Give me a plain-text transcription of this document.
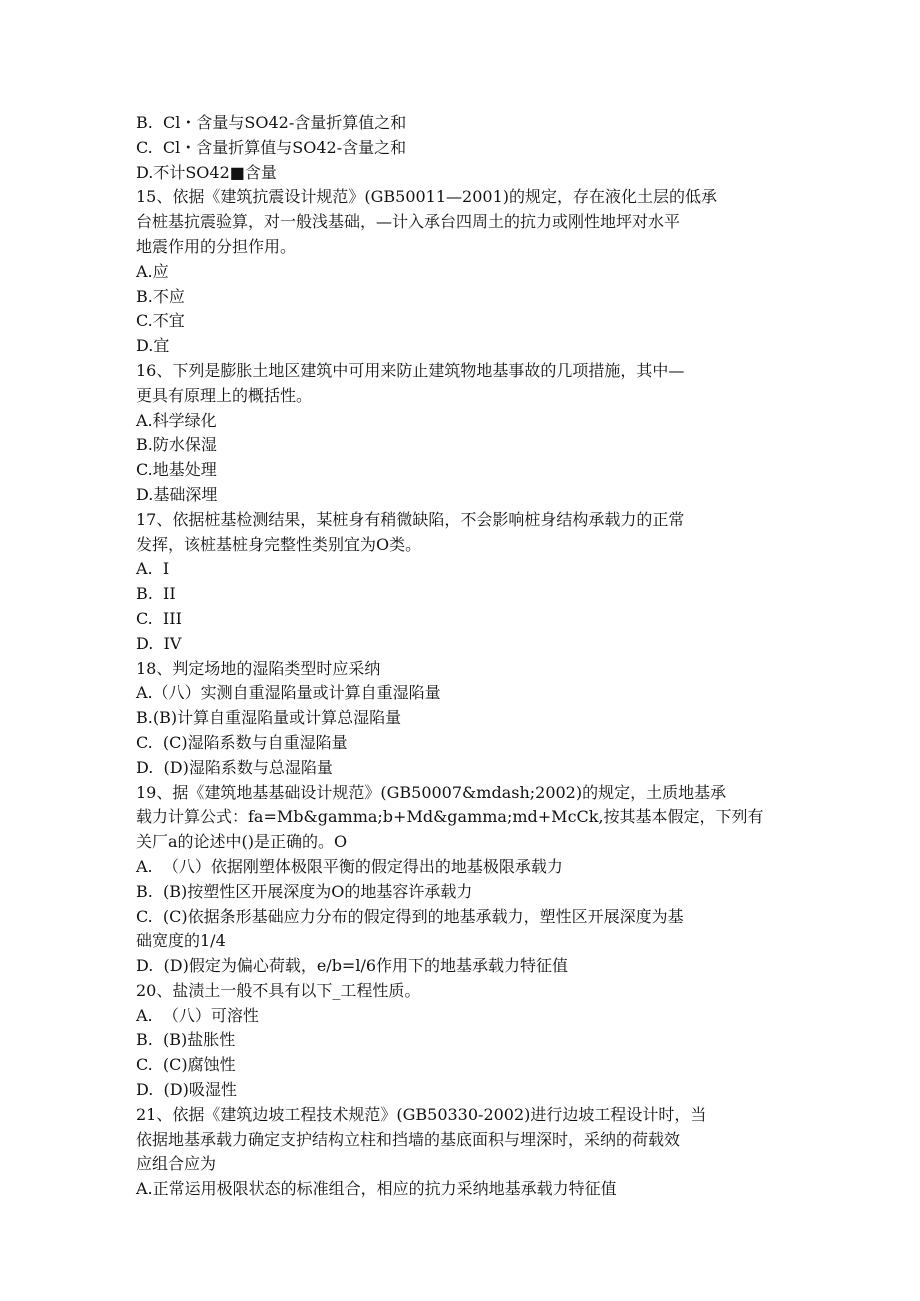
B.  Cl・含量与SO42-含量折算值之和
C.  Cl・含量折算值与SO42-含量之和
D.不计SO42■含量
15、依据《建筑抗震设计规范》(GB50011—2001)的规定，存在液化土层的低承
台桩基抗震验算，对一般浅基础，—计入承台四周土的抗力或刚性地坪对水平
地震作用的分担作用。
A.应
B.不应
C.不宜
D.宜
16、下列是膨胀土地区建筑中可用来防止建筑物地基事故的几项措施，其中—
更具有原理上的概括性。
A.科学绿化
B.防水保湿
C.地基处理
D.基础深埋
17、依据桩基检测结果，某桩身有稍微缺陷，不会影响桩身结构承载力的正常
发挥，该桩基桩身完整性类别宜为O类。
A.  I
B.  II
C.  III
D.  IV
18、判定场地的湿陷类型时应采纳
A.（八）实测自重湿陷量或计算自重湿陷量
B.(B)计算自重湿陷量或计算总湿陷量
C.  (C)湿陷系数与自重湿陷量
D.  (D)湿陷系数与总湿陷量
19、据《建筑地基基础设计规范》(GB50007&mdash;2002)的规定，土质地基承
载力计算公式：fa=Mb&gamma;b+Md&gamma;md+McCk,按其基本假定，下列有
关厂a的论述中()是正确的。O
A.  （八）依据刚塑体极限平衡的假定得出的地基极限承载力
B.  (B)按塑性区开展深度为O的地基容许承载力
C.  (C)依据条形基础应力分布的假定得到的地基承载力，塑性区开展深度为基
础宽度的1/4
D.  (D)假定为偏心荷载，e/b=l/6作用下的地基承载力特征值
20、盐渍土一般不具有以下_工程性质。
A.  （八）可溶性
B.  (B)盐胀性
C.  (C)腐蚀性
D.  (D)吸湿性
21、依据《建筑边坡工程技术规范》(GB50330-2002)进行边坡工程设计时，当
依据地基承载力确定支护结构立柱和挡墙的基底面积与埋深时，采纳的荷载效
应组合应为
A.正常运用极限状态的标准组合，相应的抗力采纳地基承载力特征值
